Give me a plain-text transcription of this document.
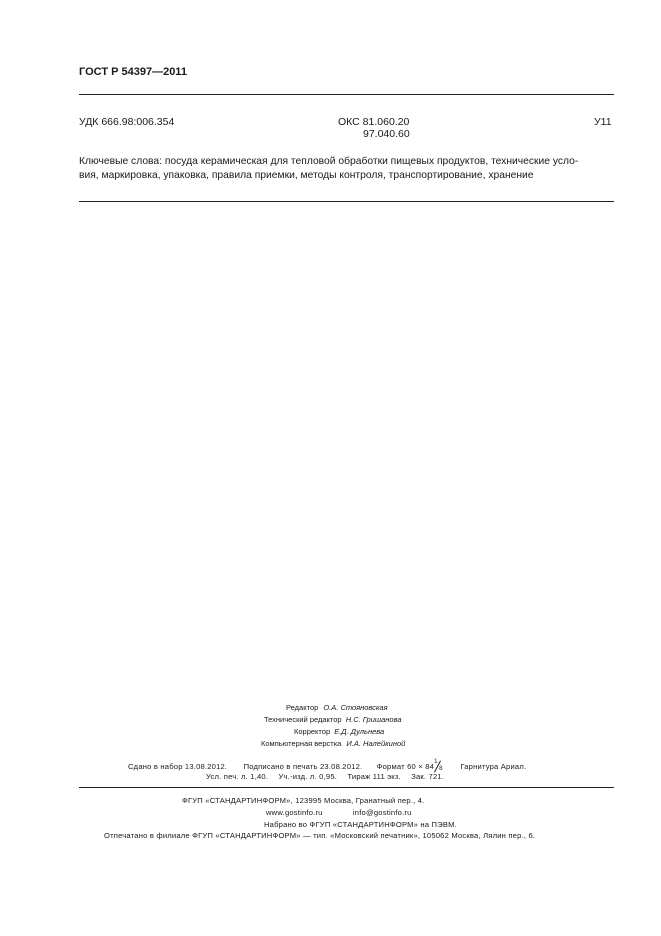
ГОСТ Р 54397—2011
УДК 666.98:006.354	ОКС 81.060.20
97.040.60
У11
Ключевые слова: посуда керамическая для тепловой обработки пищевых продуктов, технические усло-
вия, маркировка, упаковка, правила приемки, методы контроля, транспортирование, хранение
Редактор О.А. Стояновская
Технический редактор Н.С. Гришанова
Корректор Е.Д. Дульнева
Компьютерная верстка И.А. Налейкиной
Сдано в набор 13.08.2012. Подписано в печать 23.08.2012. Формат 60 × 84 1
8 Гарнитура Ариал.
Усл. печ. л. 1,40. Уч.-изд. л. 0,95. Тираж 111 экз. Зак. 721.
ФГУП «СТАНДАРТИНФОРМ», 123995 Москва, Гранатный пер., 4.
www.gostinfo.ru	info@gostinfo.ru
Набрано во ФГУП «СТАНДАРТИНФОРМ» на ПЭВМ.
Отпечатано в филиале ФГУП «СТАНДАРТИНФОРМ» — тип. «Московский печатник», 105062 Москва, Лялин пер., 6.
